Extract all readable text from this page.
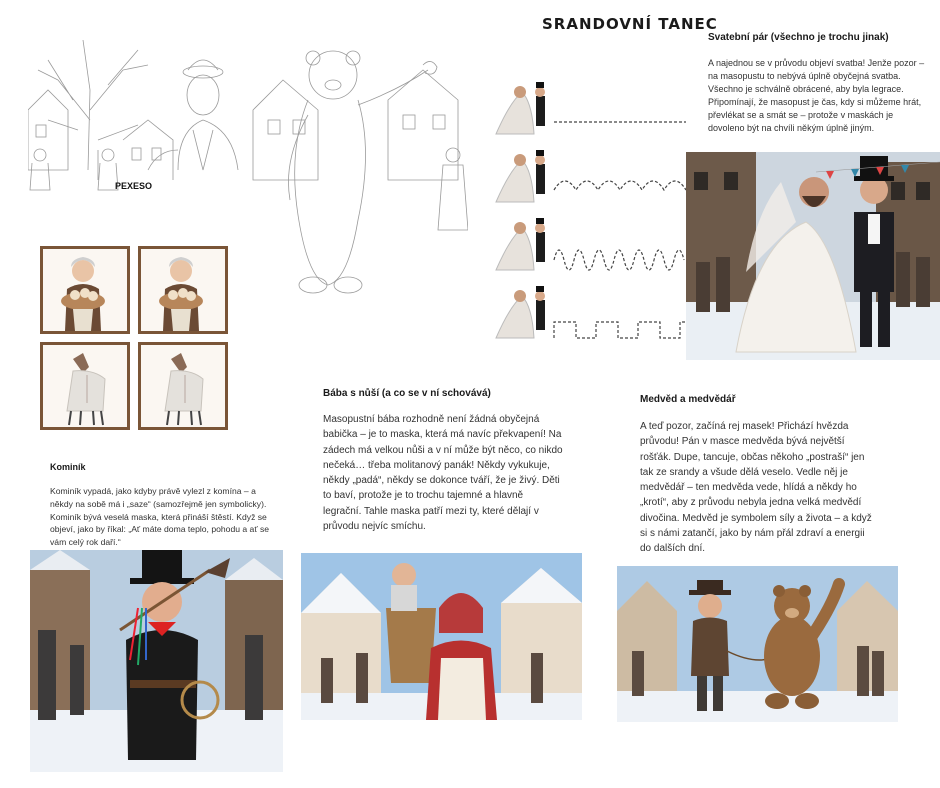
PEXESO
SRANDOVNÍ TANEC
Svatební pár (všechno je trochu jinak)
A najednou se v průvodu objeví svatba! Jenže pozor – na masopustu to nebývá úplně obyčejná svatba. Všechno je schválně obrácené, aby byla legrace. Připomínají, že masopust je čas, kdy si můžeme hrát, převlékat se a smát se – protože v maskách je dovoleno být na chvíli někým úplně jiným.
Bába s nůší (a co se v ní schovává)
Masopustní bába rozhodně není žádná obyčejná babička – je to maska, která má navíc překvapení! Na zádech má velkou nůši a v ní může být něco, co nikdo nečeká… třeba molitanový panák! Někdy vykukuje, někdy „padá“, někdy se dokonce tváří, že je živý. Děti to baví, protože je to trochu tajemné a hlavně legrační. Tahle maska patří mezi ty, které dělají v průvodu nejvíc smíchu.
Medvěd a medvědář
A teď pozor, začíná rej masek! Přichází hvězda průvodu! Pán v masce medvěda bývá největší rošťák. Dupe, tancuje, občas někoho „postraší“ jen tak ze srandy a všude dělá veselo. Vedle něj je medvědář – ten medvěda vede, hlídá a někdy ho „krotí“, aby z průvodu nebyla jedna velká medvědí divočina. Medvěd je symbolem síly a života – a když si s námi zatančí, jako by nám přál zdraví a energii do dalších dní.
Kominík
Kominík vypadá, jako kdyby právě vylezl z komína – a někdy na sobě má i „saze“ (samozřejmě jen symbolicky). Kominík bývá veselá maska, která přináší štěstí. Když se objeví, jako by říkal: „Ať máte doma teplo, pohodu a ať se vám celý rok daří.“
